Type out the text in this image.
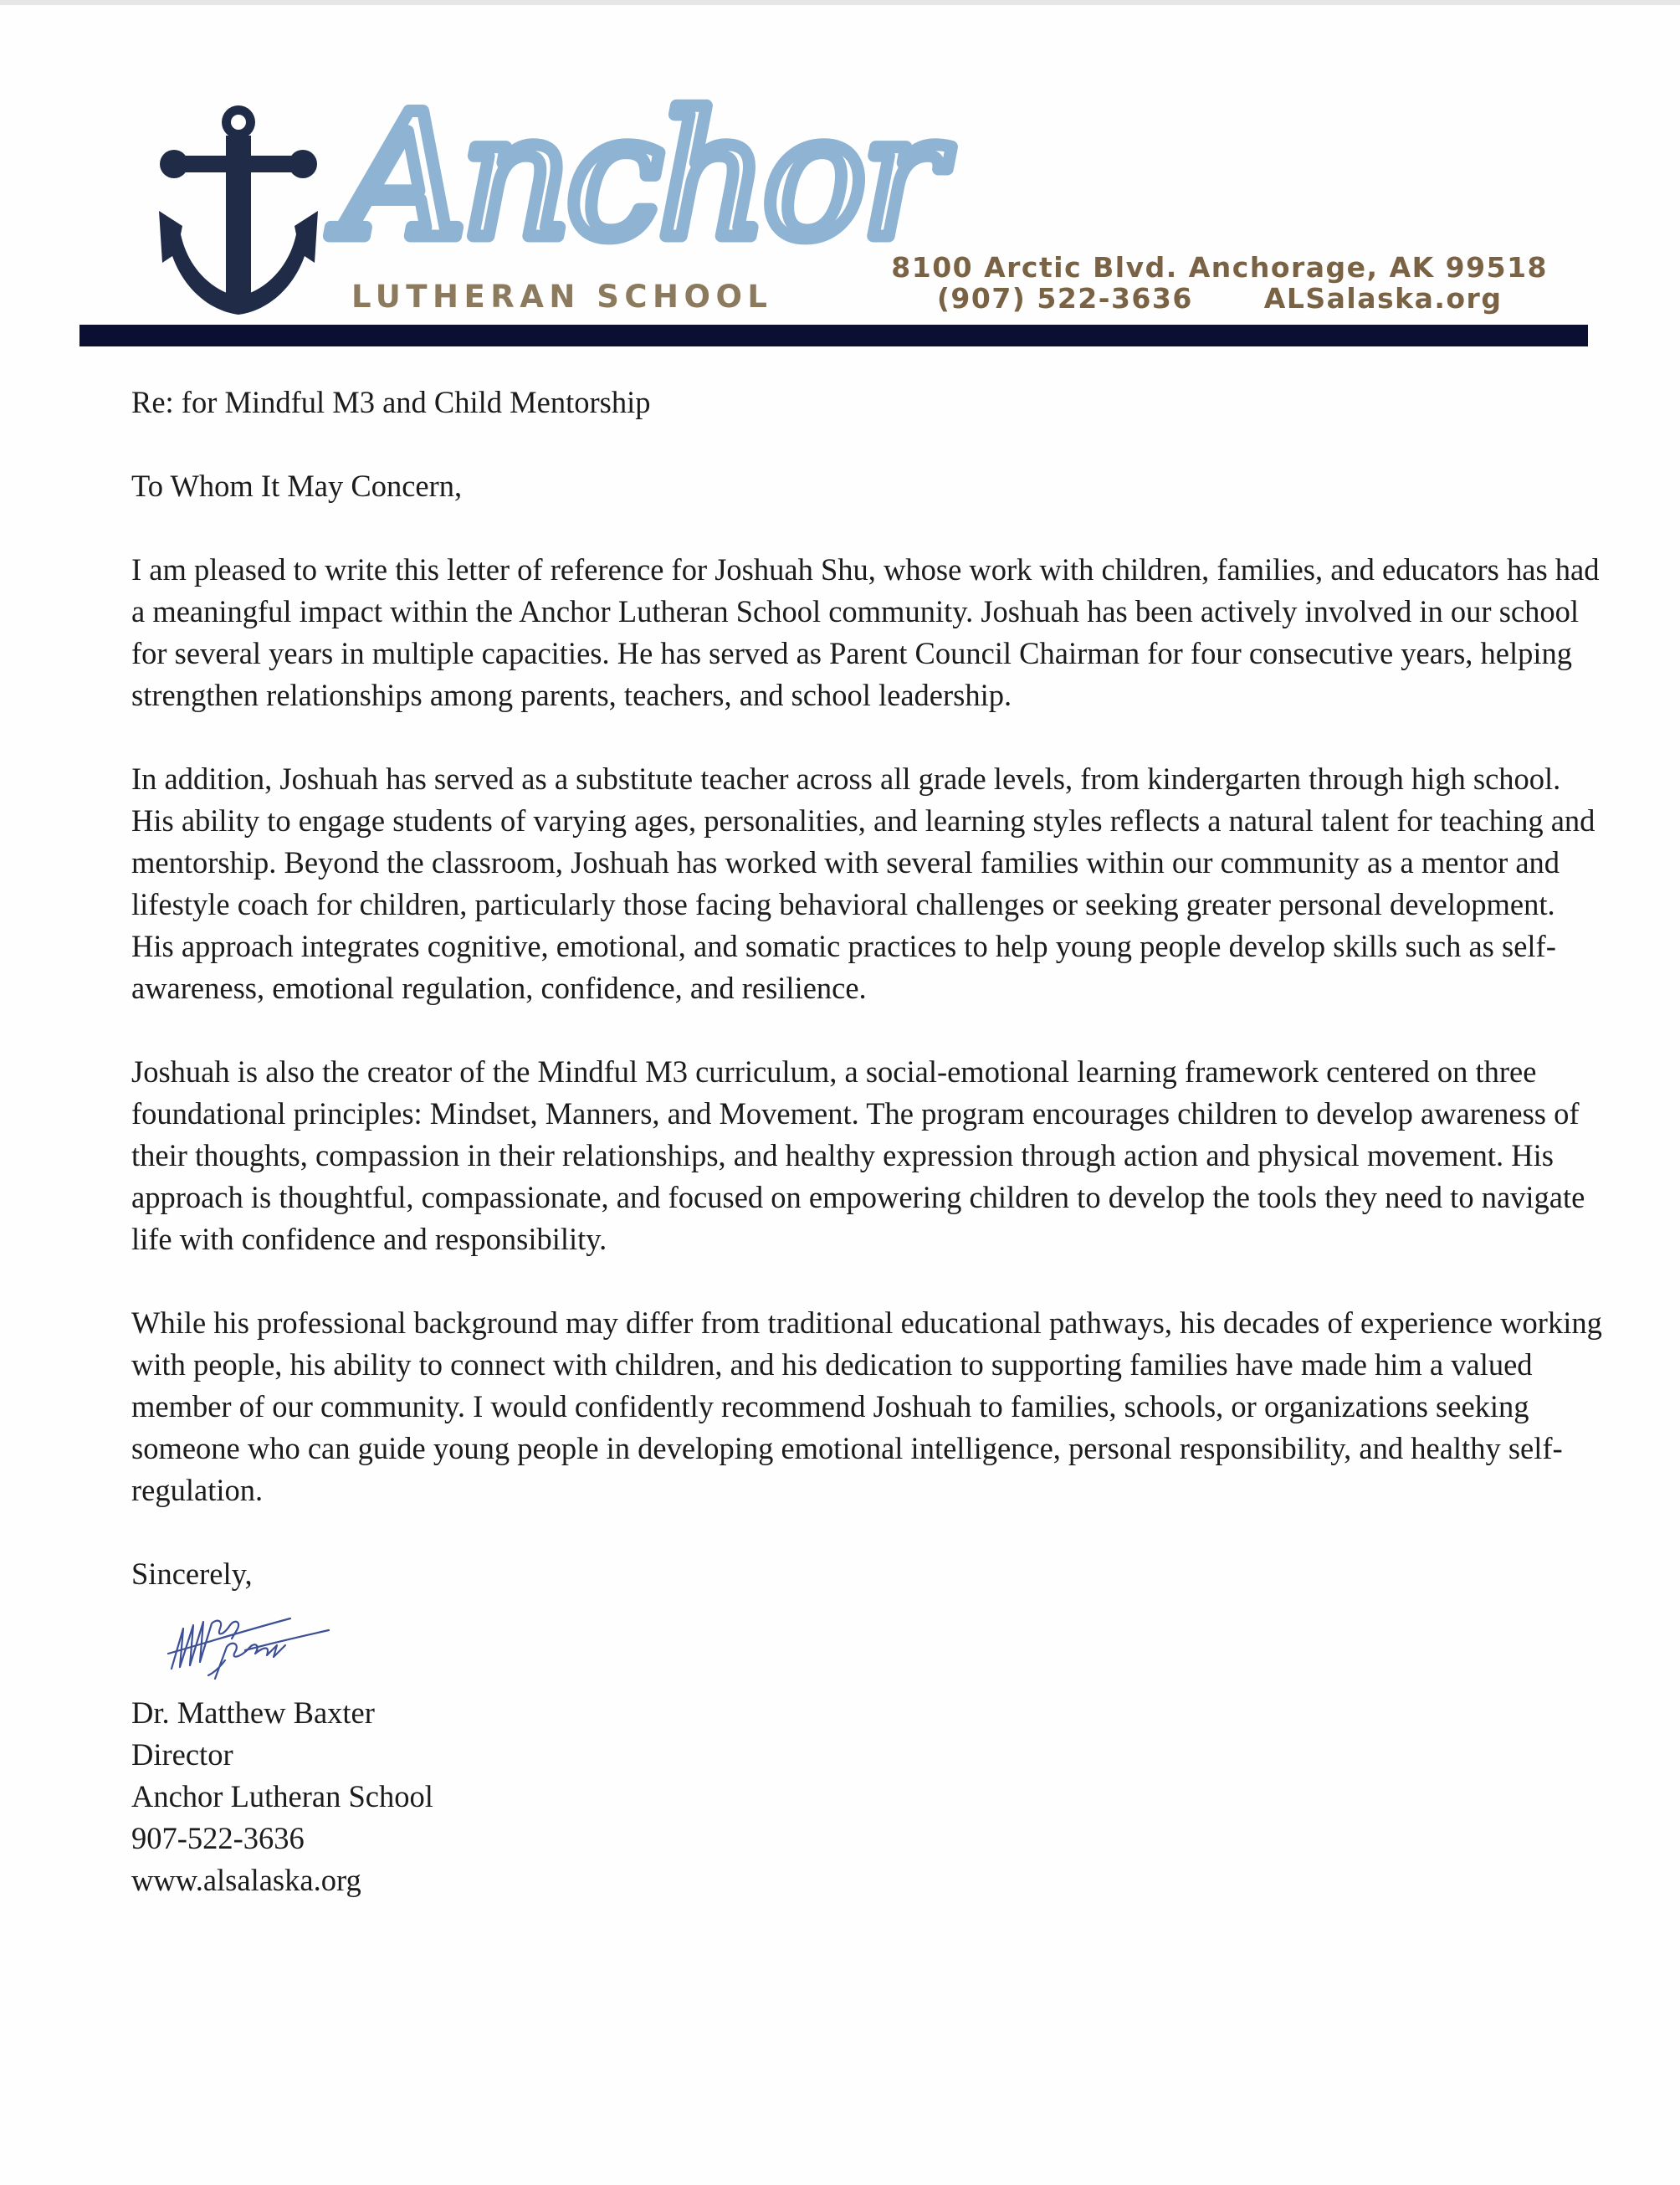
Anchor
LUTHERAN SCHOOL
8100 Arctic Blvd. Anchorage, AK 99518
(907) 522-3636	ALSalaska.org

Re: for Mindful M3 and Child Mentorship

To Whom It May Concern,

I am pleased to write this letter of reference for Joshuah Shu, whose work with children, families, and educators has had a meaningful impact within the Anchor Lutheran School community. Joshuah has been actively involved in our school for several years in multiple capacities. He has served as Parent Council Chairman for four consecutive years, helping strengthen relationships among parents, teachers, and school leadership.

In addition, Joshuah has served as a substitute teacher across all grade levels, from kindergarten through high school. His ability to engage students of varying ages, personalities, and learning styles reflects a natural talent for teaching and mentorship. Beyond the classroom, Joshuah has worked with several families within our community as a mentor and lifestyle coach for children, particularly those facing behavioral challenges or seeking greater personal development. His approach integrates cognitive, emotional, and somatic practices to help young people develop skills such as self-awareness, emotional regulation, confidence, and resilience.

Joshuah is also the creator of the Mindful M3 curriculum, a social-emotional learning framework centered on three foundational principles: Mindset, Manners, and Movement. The program encourages children to develop awareness of their thoughts, compassion in their relationships, and healthy expression through action and physical movement. His approach is thoughtful, compassionate, and focused on empowering children to develop the tools they need to navigate life with confidence and responsibility.

While his professional background may differ from traditional educational pathways, his decades of experience working with people, his ability to connect with children, and his dedication to supporting families have made him a valued member of our community. I would confidently recommend Joshuah to families, schools, or organizations seeking someone who can guide young people in developing emotional intelligence, personal responsibility, and healthy self-regulation.

Sincerely,

Dr. Matthew Baxter
Director
Anchor Lutheran School
907-522-3636
www.alsalaska.org
